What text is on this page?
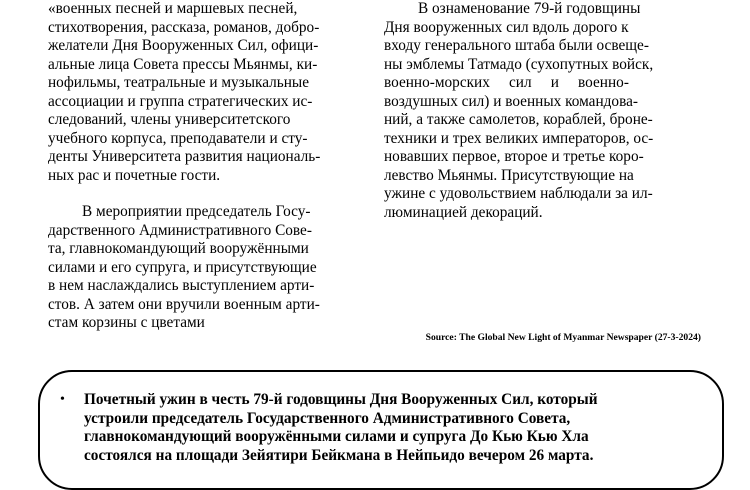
«военных песней и маршевых песней,
стихотворения, рассказа, романов, добро-
желатели Дня Вооруженных Сил, офици-
альные лица Совета прессы Мьянмы, ки-
нофильмы, театральные и музыкальные
ассоциации и группа стратегических ис-
следований, члены университетского
учебного корпуса, преподаватели и сту-
денты Университета развития националь-
ных рас и почетные гости.

В мероприятии председатель Госу-
дарственного Административного Сове-
та, главнокомандующий вооружёнными
силами и его супруга, и присутствующие
в нем наслаждались выступлением арти-
стов. А затем они вручили военным арти-
стам корзины с цветами

В ознаменование 79-й годовщины
Дня вооруженных сил вдоль дорого к
входу генерального штаба были освеще-
ны эмблемы Татмадо (сухопутных войск,
военно-морских     сил     и     военно-
воздушных сил) и военных командова-
ний, а также самолетов, кораблей, броне-
техники и трех великих императоров, ос-
новавших первое, второе и третье коро-
левство Мьянмы. Присутствующие на
ужине с удовольствием наблюдали за ил-
люминацией декораций.

Source: The Global New Light of Myanmar Newspaper (27-3-2024)
• Почетный ужин в честь 79-й годовщины Дня Вооруженных Сил, который
устроили председатель Государственного Административного Совета,
главнокомандующий вооружёнными силами и супруга До Кью Кью Хла
состоялся на площади Зейятири Бейкмана в Нейпьидо вечером 26 марта.
